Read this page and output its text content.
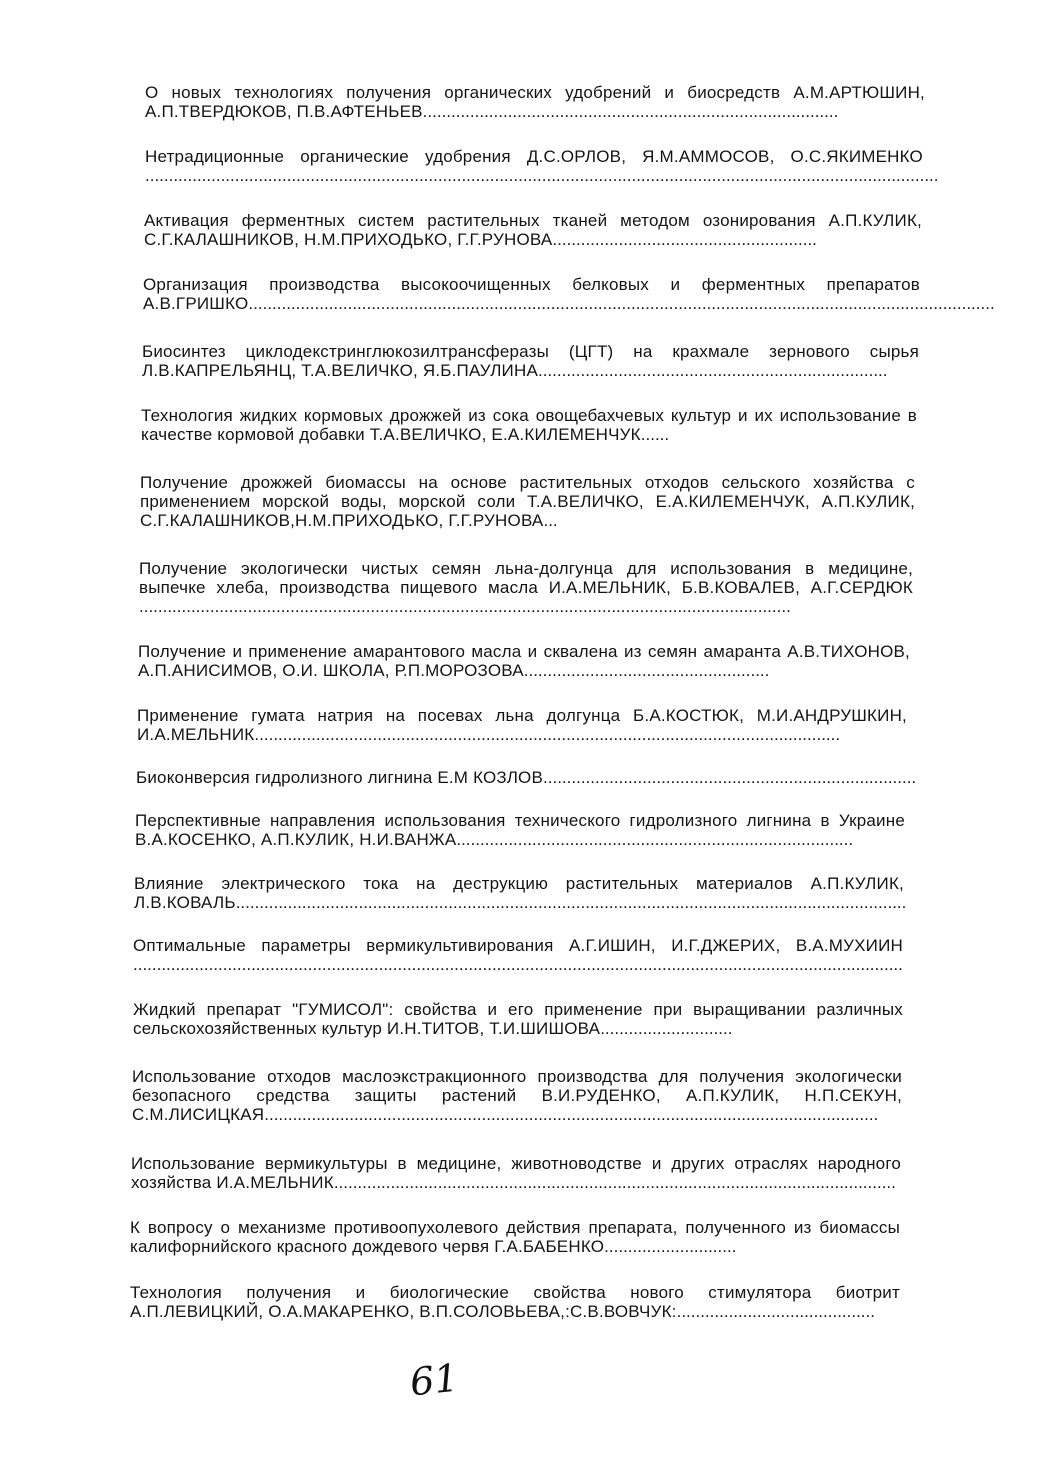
О новых технологиях получения органических удобрений и биосредств А.М.АРТЮШИН, А.П.ТВЕРДЮКОВ, П.В.АФТЕНЬЕВ........................................................................................

Нетрадиционные органические удобрения Д.С.ОРЛОВ, Я.М.АММОСОВ, О.С.ЯКИМЕНКО........................................................................................................................................................................

Активация ферментных систем растительных тканей методом озонирования А.П.КУЛИК, С.Г.КАЛАШНИКОВ, Н.М.ПРИХОДЬКО, Г.Г.РУНОВА........................................................

Организация производства высокоочищенных белковых и ферментных препаратов А.В.ГРИШКО..............................................................................................................................................................

Биосинтез циклодекстринглюкозилтрансферазы (ЦГТ) на крахмале зернового сырья Л.В.КАПРЕЛЬЯНЦ, Т.А.ВЕЛИЧКО, Я.Б.ПАУЛИНА..........................................................................

Технология жидких кормовых дрожжей из сока овощебахчевых культур и их использование в качестве кормовой добавки Т.А.ВЕЛИЧКО, Е.А.КИЛЕМЕНЧУК......

Получение дрожжей биомассы на основе растительных отходов сельского хозяйства с применением морской воды, морской соли Т.А.ВЕЛИЧКО, Е.А.КИЛЕМЕНЧУК, А.П.КУЛИК, С.Г.КАЛАШНИКОВ,Н.М.ПРИХОДЬКО, Г.Г.РУНОВА...

Получение экологически чистых семян льна-долгунца для использования в медицине, выпечке хлеба, производства пищевого масла И.А.МЕЛЬНИК, Б.В.КОВАЛЕВ, А.Г.СЕРДЮК..........................................................................................................................................

Получение и применение амарантового масла и сквалена из семян амаранта А.В.ТИХОНОВ, А.П.АНИСИМОВ, О.И. ШКОЛА, Р.П.МОРОЗОВА....................................................

Применение гумата натрия на посевах льна долгунца Б.А.КОСТЮК, М.И.АНДРУШКИН, И.А.МЕЛЬНИК............................................................................................................................

Биоконверсия гидролизного лигнина Е.М КОЗЛОВ...............................................................................

Перспективные направления использования технического гидролизного лигнина в Украине В.А.КОСЕНКО, А.П.КУЛИК, Н.И.ВАНЖА....................................................................................

Влияние электрического тока на деструкцию растительных материалов А.П.КУЛИК, Л.В.КОВАЛЬ..............................................................................................................................................

Оптимальные параметры вермикультивирования А.Г.ИШИН, И.Г.ДЖЕРИХ, В.А.МУХИИН...................................................................................................................................................................

Жидкий препарат "ГУМИСОЛ": свойства и его применение при выращивании различных сельскохозяйственных культур И.Н.ТИТОВ, Т.И.ШИШОВА............................

Использование отходов маслоэкстракционного производства для получения экологически безопасного средства защиты растений В.И.РУДЕНКО, А.П.КУЛИК, Н.П.СЕКУН, С.М.ЛИСИЦКАЯ..................................................................................................................................

Использование вермикультуры в медицине, животноводстве и других отраслях народного хозяйства И.А.МЕЛЬНИК.......................................................................................................................

К вопросу о механизме противоопухолевого действия препарата, полученного из биомассы калифорнийского красного дождевого червя Г.А.БАБЕНКО............................

Технология получения и биологические свойства нового стимулятора биотрит А.П.ЛЕВИЦКИЙ, О.А.МАКАРЕНКО, В.П.СОЛОВЬЕВА,:С.В.ВОВЧУК:..........................................

61
